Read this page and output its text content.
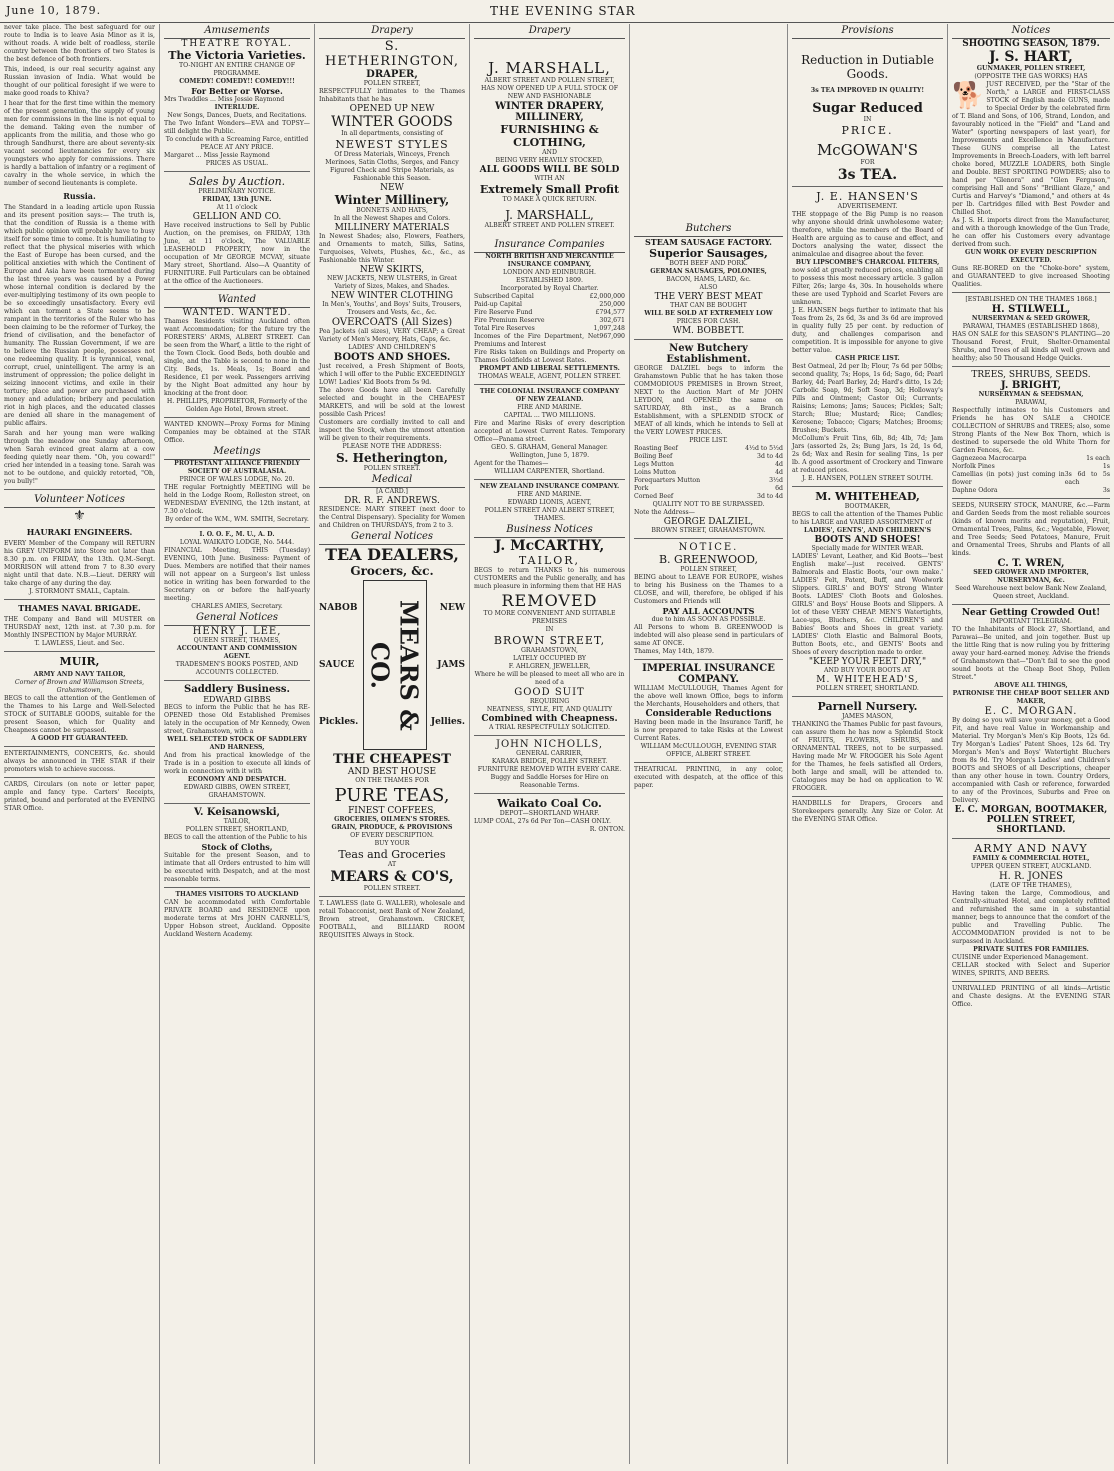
June 10, 1879.	THE EVENING STAR
never take place. The best safeguard for our route to India is to leave Asia Minor as it is, without roads. A wide belt of roadless, sterile country between the frontiers of two States is the best defence of both frontiers.
This, indeed, is our real security against any Russian invasion of India. What would be thought of our political foresight if we were to make good roads to Khiva?
I hear that for the first time within the memory of the present generation, the supply of young men for commissions in the line is not equal to the demand. Taking even the number of applicants from the militia, and those who go through Sandhurst, there are about seventy-six vacant second lieutenancies for every six youngsters who apply for commissions. There is hardly a battalion of infantry or a regiment of cavalry in the whole service, in which the number of second lieutenants is complete.
Russia.
The Standard in a leading article upon Russia and its present position says:— The truth is, that the condition of Russia is a theme with which public opinion will probably have to busy itself for some time to come. It is humiliating to reflect that the physical miseries with which the East of Europe has been cursed, and the political anxieties with which the Continent of Europe and Asia have been tormented during the last three years was caused by a Power whose internal condition is declared by the ever-multiplying testimony of its own people to be so exceedingly unsatisfactory. Every evil which can torment a State seems to be rampant in the territories of the Ruler who has been claiming to be the reformer of Turkey, the friend of civilisation, and the benefactor of humanity. The Russian Government, if we are to believe the Russian people, possesses not one redeeming quality. It is tyrannical, venal, corrupt, cruel, unintelligent. The army is an instrument of oppression; the police delight in seizing innocent victims, and exile in their torture; place and power are purchased with money and adulation; bribery and peculation riot in high places, and the educated classes are denied all share in the management of public affairs.
Sarah and her young man were walking through the meadow one Sunday afternoon, when Sarah evinced great alarm at a cow feeding quietly near them. "Oh, you coward!" cried her intended in a teasing tone. Sarah was not to be outdone, and quickly retorted, "Oh, you bully!"
Volunteer Notices
⚜
HAURAKI ENGINEERS.
EVERY Member of the Company will RETURN his GREY UNIFORM into Store not later than 8.30 p.m. on FRIDAY, the 13th. Q.M.-Sergt. MORRISON will attend from 7 to 8.30 every night until that date. N.B.—Lieut. DERRY will take charge of any during the day.
J. STORMONT SMALL, Captain.
THAMES NAVAL BRIGADE.
THE Company and Band will MUSTER on THURSDAY next, 12th inst. at 7.30 p.m. for Monthly INSPECTION by Major MURRAY.
T. LAWLESS, Lieut. and Sec.
MUIR,
ARMY AND NAVY TAILOR,
Corner of Brown and Williamson Streets, Grahamstown,
BEGS to call the attention of the Gentlemen of the Thames to his Large and Well-Selected STOCK of SUITABLE GOODS, suitable for the present Season, which for Quality and Cheapness cannot be surpassed.
A GOOD FIT GUARANTEED.
ENTERTAINMENTS, CONCERTS, &c. should always be announced in THE STAR if their promoters wish to achieve success.
CARDS, Circulars (on note or letter paper, ample and fancy type. Carters' Receipts, printed, bound and perforated at the EVENING STAR Office.
Amusements
THEATRE ROYAL.
The Victoria Varieties.
TO-NIGHT AN ENTIRE CHANGE OF PROGRAMME.
COMEDY! COMEDY!! COMEDY!!!
For Better or Worse.
Mrs Twaddles ... Miss Jessie Raymond
INTERLUDE.
New Songs, Dances, Duets, and Recitations.
The Two Infant Wonders—EVA and TOPSY—still delight the Public.
To conclude with a Screaming Farce, entitled PEACE AT ANY PRICE.
Margaret ... Miss Jessie Raymond
PRICES AS USUAL.
Sales by Auction.
PRELIMINARY NOTICE.
FRIDAY, 13th JUNE.
At 11 o'clock
GELLION AND CO.
Have received instructions to Sell by Public Auction, on the premises, on FRIDAY, 13th June, at 11 o'clock, The VALUABLE LEASEHOLD PROPERTY, now in the occupation of Mr GEORGE MCVAY, situate Mary street, Shortland. Also—A Quantity of FURNITURE. Full Particulars can be obtained at the office of the Auctioneers.
Wanted
WANTED. WANTED.
Thames Residents visiting Auckland often want Accommodation; for the future try the FORESTERS' ARMS, ALBERT STREET. Can be seen from the Wharf, a little to the right of the Town Clock. Good Beds, both double and single, and the Table is second to none in the City. Beds, 1s. Meals, 1s; Board and Residence, £1 per week. Passengers arriving by the Night Boat admitted any hour by knocking at the front door.
H. PHILLIPS, PROPRIETOR, Formerly of the Golden Age Hotel, Brown street.
WANTED KNOWN—Proxy Forms for Mining Companies may be obtained at the STAR Office.
Meetings
PROTESTANT ALLIANCE FRIENDLY SOCIETY OF AUSTRALASIA.
PRINCE OF WALES LODGE, No. 20.
THE regular Fortnightly MEETING will be held in the Lodge Room, Rolleston street, on WEDNESDAY EVENING, the 12th instant, at 7.30 o'clock.
By order of the W.M., WM. SMITH, Secretary.
I. O. O. F., M. U., A. D.
LOYAL WAIKATO LODGE, No. 5444.
FINANCIAL Meeting, THIS (Tuesday) EVENING, 10th June. Business: Payment of Dues. Members are notified that their names will not appear on a Surgeon's list unless notice in writing has been forwarded to the Secretary on or before the half-yearly meeting.
CHARLES AMIES, Secretary.
General Notices
HENRY J. LEE,
QUEEN STREET, THAMES,
ACCOUNTANT AND COMMISSION AGENT.
TRADESMEN'S BOOKS POSTED, AND ACCOUNTS COLLECTED.
Saddlery Business.
EDWARD GIBBS
BEGS to inform the Public that he has RE-OPENED those Old Established Premises lately in the occupation of Mr Kennedy, Owen street, Grahamstown, with a
WELL SELECTED STOCK OF SADDLERY AND HARNESS,
And from his practical knowledge of the Trade is in a position to execute all kinds of work in connection with it with
ECONOMY AND DESPATCH.
EDWARD GIBBS, OWEN STREET, GRAHAMSTOWN.
V. Keisanowski,
TAILOR,
POLLEN STREET, SHORTLAND,
BEGS to call the attention of the Public to his
Stock of Cloths,
Suitable for the present Season, and to intimate that all Orders entrusted to him will be executed with Despatch, and at the most reasonable terms.
THAMES VISITORS TO AUCKLAND
CAN be accommodated with Comfortable PRIVATE BOARD and RESIDENCE upon moderate terms at Mrs JOHN CARNELL'S, Upper Hobson street, Auckland. Opposite Auckland Western Academy.
Drapery
S. HETHERINGTON,
DRAPER,
POLLEN STREET,
RESPECTFULLY intimates to the Thames Inhabitants that he has
OPENED UP NEW
WINTER GOODS
In all departments, consisting of
NEWEST STYLES
Of Dress Materials, Winceys, French Merinoes, Satin Cloths, Serges, and Fancy Figured Check and Stripe Materials, as Fashionable this Season.
NEW
Winter Millinery,
BONNETS AND HATS,
In all the Newest Shapes and Colors.
MILLINERY MATERIALS
In Newest Shades; also, Flowers, Feathers, and Ornaments to match, Silks, Satins, Turquoises, Velvets, Plushes, &c., &c., as Fashionable this Winter.
NEW SKIRTS,
NEW JACKETS, NEW ULSTERS, in Great Variety of Sizes, Makes, and Shades.
NEW WINTER CLOTHING
In Men's, Youths', and Boys' Suits, Trousers, Trousers and Vests, &c., &c.
OVERCOATS (All Sizes)
Pea Jackets (all sizes), VERY CHEAP; a Great Variety of Men's Mercery, Hats, Caps, &c.
LADIES' AND CHILDREN'S
BOOTS AND SHOES.
Just received, a Fresh Shipment of Boots, which I will offer to the Public EXCEEDINGLY LOW! Ladies' Kid Boots from 5s 9d.
The above Goods have all been Carefully selected and bought in the CHEAPEST MARKETS, and will be sold at the lowest possible Cash Prices!
Customers are cordially invited to call and inspect the Stock, when the utmost attention will be given to their requirements.
PLEASE NOTE THE ADDRESS:
S. Hetherington,
POLLEN STREET.
Medical
[A CARD.]
DR. R. F. ANDREWS.
RESIDENCE: MARY STREET (next door to the Central Dispensary). Speciality for Women and Children on THURSDAYS, from 2 to 3.
General Notices
TEA DEALERS,
Grocers, &c.
NABOB
SAUCE
Pickles.	MEARS & CO.
NEW
JAMS
Jellies.
THE CHEAPEST
AND BEST HOUSE
ON THE THAMES FOR
PURE TEAS,
FINEST COFFEES,
GROCERIES, OILMEN'S STORES.
GRAIN, PRODUCE, & PROVISIONS
OF EVERY DESCRIPTION.
BUY YOUR
Teas and Groceries
AT
MEARS & CO'S,
POLLEN STREET.
T. LAWLESS (late G. WALLER), wholesale and retail Tobacconist, next Bank of New Zealand, Brown street, Grahamstown. CRICKET, FOOTBALL, and BILLIARD ROOM REQUISITES Always in Stock.
Drapery
J. MARSHALL,
ALBERT STREET AND POLLEN STREET,
HAS NOW OPENED UP A FULL STOCK OF NEW AND FASHIONABLE
WINTER DRAPERY, MILLINERY,
FURNISHING & CLOTHING,
AND
BEING VERY HEAVILY STOCKED,
ALL GOODS WILL BE SOLD
WITH AN
Extremely Small Profit
TO MAKE A QUICK RETURN.
J. MARSHALL,
ALBERT STREET AND POLLEN STREET.
Insurance Companies
NORTH BRITISH AND MERCANTILE INSURANCE COMPANY,
LONDON AND EDINBURGH.
ESTABLISHED 1809.
Incorporated by Royal Charter.
Subscribed Capital	£2,000,000
Paid-up Capital	250,000
Fire Reserve Fund	£794,577
Fire Premium Reserve	302,671
Total Fire Reserves	1,097,248
Incomes of the Fire Department, Net Premiums and Interest
967,090
Fire Risks taken on Buildings and Property on Thames Goldfields at Lowest Rates.
PROMPT AND LIBERAL SETTLEMENTS.
THOMAS WEALE, AGENT, POLLEN STREET.
THE COLONIAL INSURANCE COMPANY OF NEW ZEALAND.
FIRE AND MARINE.
CAPITAL ... TWO MILLIONS.
Fire and Marine Risks of every description accepted at Lowest Current Rates. Temporary Office—Panama street.
GEO. S. GRAHAM, General Manager. Wellington, June 5, 1879.
Agent for the Thames—
WILLIAM CARPENTER, Shortland.
NEW ZEALAND INSURANCE COMPANY.
FIRE AND MARINE.
EDWARD LIONIS, AGENT,
POLLEN STREET AND ALBERT STREET, THAMES.
Business Notices
J. McCARTHY,
TAILOR,
BEGS to return THANKS to his numerous CUSTOMERS and the Public generally, and has much pleasure in informing them that HE HAS
REMOVED
TO MORE CONVENIENT AND SUITABLE PREMISES
IN
BROWN STREET,
GRAHAMSTOWN,
LATELY OCCUPIED BY
F. AHLGREN, JEWELLER,
Where he will be pleased to meet all who are in need of a
GOOD SUIT
REQUIRING
NEATNESS, STYLE, FIT, AND QUALITY
Combined with Cheapness.
A TRIAL RESPECTFULLY SOLICITED.
JOHN NICHOLLS,
GENERAL CARRIER,
KARAKA BRIDGE, POLLEN STREET.
FURNITURE REMOVED WITH EVERY CARE.
Buggy and Saddle Horses for Hire on Reasonable Terms.
Waikato Coal Co.
DEPOT—SHORTLAND WHARF.
LUMP COAL, 27s 6d Per Ton—CASH ONLY.
R. ONTON.
Butchers
STEAM SAUSAGE FACTORY.
Superior Sausages,
BOTH BEEF AND PORK.
GERMAN SAUSAGES, POLONIES,
BACON, HAMS, LARD, &c.
ALSO
THE VERY BEST MEAT
THAT CAN BE BOUGHT
WILL BE SOLD AT EXTREMELY LOW
PRICES FOR CASH.
WM. BOBBETT.
New Butchery Establishment.
GEORGE DALZIEL begs to inform the Grahamstown Public that he has taken those COMMODIOUS PREMISES in Brown Street, NEXT to the Auction Mart of Mr JOHN LEYDON, and OPENED the same on SATURDAY, 8th inst., as a Branch Establishment, with a SPLENDID STOCK of MEAT of all kinds, which he intends to Sell at the VERY LOWEST PRICES.
PRICE LIST.
Roasting Beef	4½d to 5½d
Boiling Beef	3d to 4d
Legs Mutton	4d
Loins Mutton	4d
Forequarters Mutton	3½d
Pork	6d
Corned Beef	3d to 4d
QUALITY NOT TO BE SURPASSED.
Note the Address—
GEORGE DALZIEL,
BROWN STREET, GRAHAMSTOWN.
NOTICE.
B. GREENWOOD,
POLLEN STREET,
BEING about to LEAVE FOR EUROPE, wishes to bring his Business on the Thames to a CLOSE, and will, therefore, be obliged if his Customers and Friends will
PAY ALL ACCOUNTS
due to him AS SOON AS POSSIBLE.
All Persons to whom B. GREENWOOD is indebted will also please send in particulars of same AT ONCE.
Thames, May 14th, 1879.
IMPERIAL INSURANCE COMPANY.
WILLIAM McCULLOUGH, Thames Agent for the above well known Office, begs to inform the Merchants, Householders and others, that
Considerable Reductions
Having been made in the Insurance Tariff, he is now prepared to take Risks at the Lowest Current Rates.
WILLIAM McCULLOUGH, EVENING STAR OFFICE, ALBERT STREET.
THEATRICAL PRINTING, in any color, executed with despatch, at the office of this paper.
Provisions
Reduction in Dutiable
Goods.
3s TEA IMPROVED IN QUALITY!
Sugar Reduced
IN
PRICE.
McGOWAN'S
FOR
3s TEA.
J. E. HANSEN'S
ADVERTISEMENT.
THE stoppage of the Big Pump is no reason why anyone should drink unwholesome water; therefore, while the members of the Board of Health are arguing as to cause and effect, and Doctors analysing the water, dissect the animalculae and disagree about the fever.
BUY LIPSCOMBE'S CHARCOAL FILTERS,
now sold at greatly reduced prices, enabling all to possess this most necessary article. 3 gallon Filter, 26s; large 4s, 30s. In households where these are used Typhoid and Scarlet Fevers are unknown.
J. E. HANSEN begs further to intimate that his Teas from 2s, 2s 6d, 3s and 3s 6d are improved in quality fully 25 per cent. by reduction of duty, and challenges comparison and competition. It is impossible for anyone to give better value.
CASH PRICE LIST.
Best Oatmeal, 2d per lb; Flour, 7s 6d per 50lbs; second quality, 7s; Hops, 1s 6d; Sago, 6d; Pearl Barley, 4d; Pearl Barley, 2d; Hard's ditto, 1s 2d; Carbolic Soap, 9d; Soft Soap, 3d; Holloway's Pills and Ointment; Castor Oil; Currants; Raisins; Lemons; Jams; Sauces; Pickles; Salt; Starch; Blue; Mustard; Rice; Candles; Kerosene; Tobacco; Cigars; Matches; Brooms; Brushes; Buckets.
McCollum's Fruit Tins, 6lb, 8d; 4lb, 7d; Jam Jars (assorted 2s, 2s; Bung Jars, 1s 2d, 1s 6d, 2s 6d; Wax and Resin for sealing Tins, 1s per lb. A good assortment of Crockery and Tinware at reduced prices.
J. E. HANSEN, POLLEN STREET SOUTH.
M. WHITEHEAD,
BOOTMAKER,
BEGS to call the attention of the Thames Public to his LARGE and VARIED ASSORTMENT of
LADIES', GENTS', AND CHILDREN'S
BOOTS AND SHOES!
Specially made for WINTER WEAR.
LADIES' Levant, Leather, and Kid Boots—'best English make'—just received. GENTS' Balmorals and Elastic Boots, 'our own make.' LADIES' Felt, Patent, Buff, and Woolwork Slippers. GIRLS' and BOYS' Strong Winter Boots. LADIES' Cloth Boots and Goloshes. GIRLS' and Boys' House Boots and Slippers. A lot of these VERY CHEAP. MEN'S Watertights, Lace-ups, Bluchers, &c. CHILDREN'S and Babies' Boots and Shoes in great variety. LADIES' Cloth Elastic and Balmoral Boots, Button Boots, etc., and GENTS' Boots and Shoes of every description made to order.
"KEEP YOUR FEET DRY,"
AND BUY YOUR BOOTS AT
M. WHITEHEAD'S,
POLLEN STREET, SHORTLAND.
Parnell Nursery.
JAMES MASON,
THANKING the Thames Public for past favours, can assure them he has now a Splendid Stock of FRUITS, FLOWERS, SHRUBS, and ORNAMENTAL TREES, not to be surpassed. Having made Mr W. FROGGER his Sole Agent for the Thames, he feels satisfied all Orders, both large and small, will be attended to. Catalogues may be had on application to W. FROGGER.
HANDBILLS for Drapers, Grocers and Storekeepers generally. Any Size or Color. At the EVENING STAR Office.
Notices
SHOOTING SEASON, 1879.
J. S. HART,
GUNMAKER, POLLEN STREET,
(OPPOSITE THE GAS WORKS) HAS
🐕 JUST RECEIVED, per the "Star of the North," a LARGE and FIRST-CLASS STOCK of English made GUNS, made to Special Order by the celebrated firm of T. Bland and Sons, of 106, Strand, London, and favourably noticed in the "Field" and "Land and Water" (sporting newspapers of last year), for Improvements and Excellence in Manufacture. These GUNS comprise all the Latest Improvements in Breech-Loaders, with left barrel choke bored, MUZZLE LOADERS, both Single and Double. BEST SPORTING POWDERS; also to hand per "Glenora" and "Glen Ferguson," comprising Hall and Sons' "Brilliant Glaze," and Curtis and Harvey's "Diamond," and others at 4s per lb. Cartridges filled with Best Powder and Chilled Shot.
As J. S. H. imports direct from the Manufacturer, and with a thorough knowledge of the Gun Trade, he can offer his Customers every advantage derived from such.
GUN WORK OF EVERY DESCRIPTION EXECUTED.
Guns RE-BORED on the "Choke-bore" system, and GUARANTEED to give increased Shooting Qualities.
[ESTABLISHED ON THE THAMES 1868.]
H. STILWELL,
NURSERYMAN & SEED GROWER,
PARAWAI, THAMES (ESTABLISHED 1868),
HAS ON SALE for this SEASON'S PLANTING—20 Thousand Forest, Fruit, Shelter-Ornamental Shrubs, and Trees of all kinds all well grown and healthy; also 50 Thousand Hedge Quicks.
TREES, SHRUBS, SEEDS.
J. BRIGHT,
NURSERYMAN & SEEDSMAN,
PARAWAI,
Respectfully intimates to his Customers and Friends he has ON SALE a CHOICE COLLECTION of SHRUBS and TREES; also, some Strong Plants of the New Box Thorn, which is destined to supersede the old White Thorn for Garden Fences, &c.
Gagnezeoa Macrocarpa	1s each
Norfolk Pines	1s
Camellias (in pots) just coming in flower
3s 6d to 5s each
Daphne Odora	3s
SEEDS, NURSERY STOCK, MANURE, &c.—Farm and Garden Seeds from the most reliable sources (kinds of known merits and reputation), Fruit, Ornamental Trees, Palms, &c.; Vegetable, Flower, and Tree Seeds; Seed Potatoes, Manure, Fruit and Ornamental Trees, Shrubs and Plants of all kinds.
C. T. WREN,
SEED GROWER AND IMPORTER, NURSERYMAN, &c.
Seed Warehouse next below Bank New Zealand, Queen street, Auckland.
Near Getting Crowded Out!
IMPORTANT TELEGRAM.
TO the Inhabitants of Block 27, Shortland, and Parawai—Be united, and join together. Bust up the little Ring that is now ruling you by frittering away your hard-earned money. Advise the friends of Grahamstown that—"Don't fail to see the good sound boots at the Cheap Boot Shop, Pollen Street."
ABOVE ALL THINGS,
PATRONISE THE CHEAP BOOT SELLER AND MAKER,
E. C. MORGAN.
By doing so you will save your money, get a Good Fit, and have real Value in Workmanship and Material. Try Morgan's Men's Kip Boots, 12s 6d. Try Morgan's Ladies' Patent Shoes, 12s 6d. Try Morgan's Men's and Boys' Watertight Bluchers from 8s 9d. Try Morgan's Ladies' and Children's BOOTS and SHOES of all Descriptions, cheaper than any other house in town. Country Orders, accompanied with Cash or reference, forwarded to any of the Provinces, Suburbs and Free on Delivery.
E. C. MORGAN, BOOTMAKER, POLLEN STREET, SHORTLAND.
ARMY AND NAVY
FAMILY & COMMERCIAL HOTEL,
UPPER QUEEN STREET, AUCKLAND.
H. R. JONES
(LATE OF THE THAMES),
Having taken the Large, Commodious, and Centrally-situated Hotel, and completely refitted and refurnished the same in a substantial manner, begs to announce that the comfort of the public and Travelling Public. The ACCOMMODATION provided is not to be surpassed in Auckland.
PRIVATE SUITES FOR FAMILIES.
CUISINE under Experienced Management.
CELLAR stocked with Select and Superior WINES, SPIRITS, AND BEERS.
UNRIVALLED PRINTING of all kinds—Artistic and Chaste designs. At the EVENING STAR Office.
